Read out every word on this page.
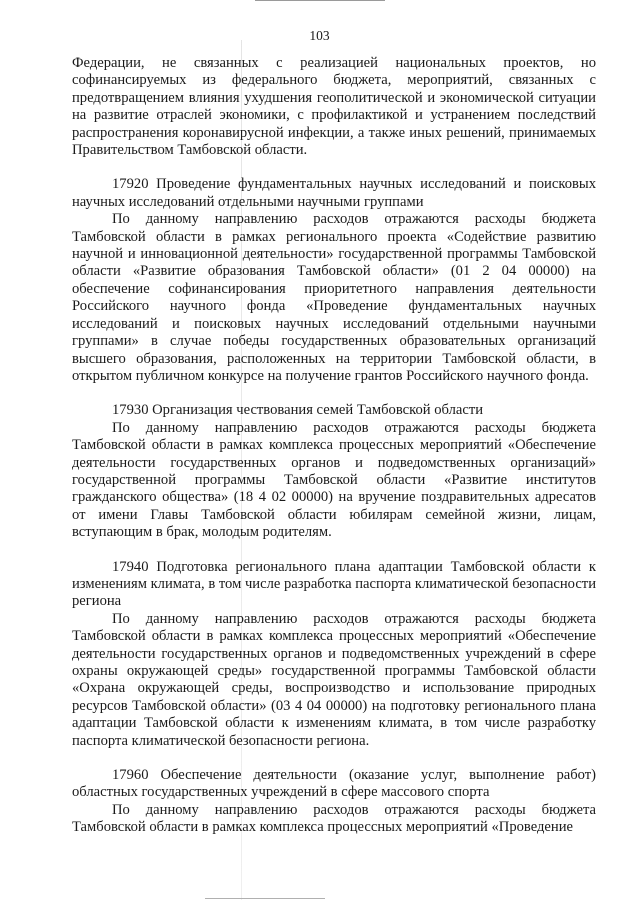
103

Федерации, не связанных с реализацией национальных проектов, но софинансируемых из федерального бюджета, мероприятий, связанных с предотвращением влияния ухудшения геополитической и экономической ситуации на развитие отраслей экономики, с профилактикой и устранением последствий распространения коронавирусной инфекции, а также иных решений, принимаемых Правительством Тамбовской области.

17920 Проведение фундаментальных научных исследований и поисковых научных исследований отдельными научными группами

По данному направлению расходов отражаются расходы бюджета Тамбовской области в рамках регионального проекта «Содействие развитию научной и инновационной деятельности» государственной программы Тамбовской области «Развитие образования Тамбовской области» (01 2 04 00000) на обеспечение софинансирования приоритетного направления деятельности Российского научного фонда «Проведение фундаментальных научных исследований и поисковых научных исследований отдельными научными группами» в случае победы государственных образовательных организаций высшего образования, расположенных на территории Тамбовской области, в открытом публичном конкурсе на получение грантов Российского научного фонда.

17930 Организация чествования семей Тамбовской области

По данному направлению расходов отражаются расходы бюджета Тамбовской области в рамках комплекса процессных мероприятий «Обеспечение деятельности государственных органов и подведомственных организаций» государственной программы Тамбовской области «Развитие институтов гражданского общества» (18 4 02 00000) на вручение поздравительных адресатов от имени Главы Тамбовской области юбилярам семейной жизни, лицам, вступающим в брак, молодым родителям.

17940 Подготовка регионального плана адаптации Тамбовской области к изменениям климата, в том числе разработка паспорта климатической безопасности региона

По данному направлению расходов отражаются расходы бюджета Тамбовской области в рамках комплекса процессных мероприятий «Обеспечение деятельности государственных органов и подведомственных учреждений в сфере охраны окружающей среды» государственной программы Тамбовской области «Охрана окружающей среды, воспроизводство и использование природных ресурсов Тамбовской области» (03 4 04 00000) на подготовку регионального плана адаптации Тамбовской области к изменениям климата, в том числе разработку паспорта климатической безопасности региона.

17960 Обеспечение деятельности (оказание услуг, выполнение работ) областных государственных учреждений в сфере массового спорта

По данному направлению расходов отражаются расходы бюджета Тамбовской области в рамках комплекса процессных мероприятий «Проведение
